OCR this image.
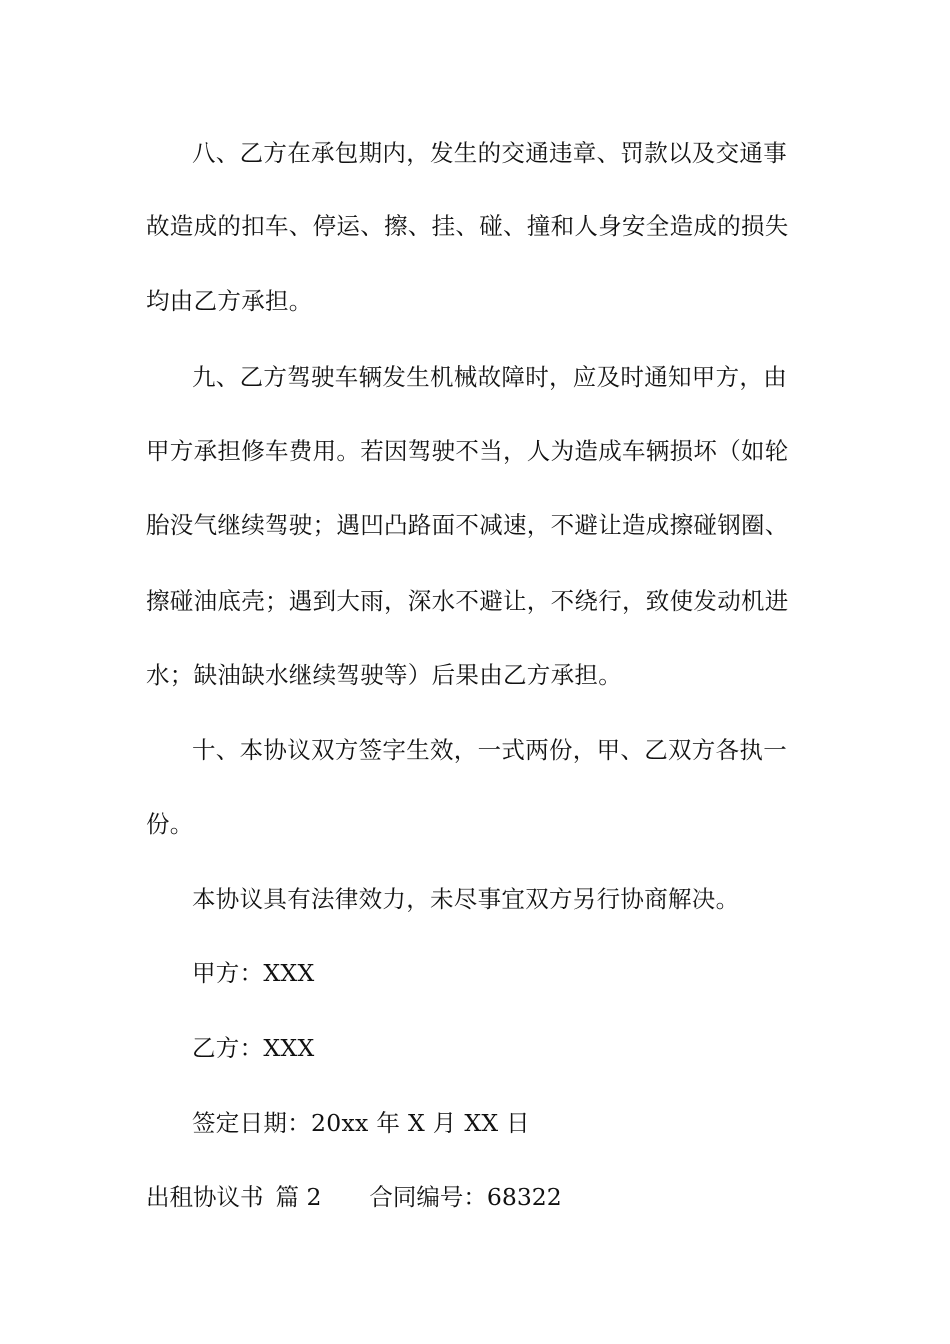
八、乙方在承包期内，发生的交通违章、罚款以及交通事
故造成的扣车、停运、擦、挂、碰、撞和人身安全造成的损失
均由乙方承担。
九、乙方驾驶车辆发生机械故障时，应及时通知甲方，由
甲方承担修车费用。若因驾驶不当，人为造成车辆损坏（如轮
胎没气继续驾驶；遇凹凸路面不减速，不避让造成擦碰钢圈、
擦碰油底壳；遇到大雨，深水不避让，不绕行，致使发动机进
水；缺油缺水继续驾驶等）后果由乙方承担。
十、本协议双方签字生效，一式两份，甲、乙双方各执一
份。
本协议具有法律效力，未尽事宜双方另行协商解决。
甲方：XXX
乙方：XXX
签定日期：20xx 年 X 月 XX 日
出租协议书 篇 2 合同编号：68322
